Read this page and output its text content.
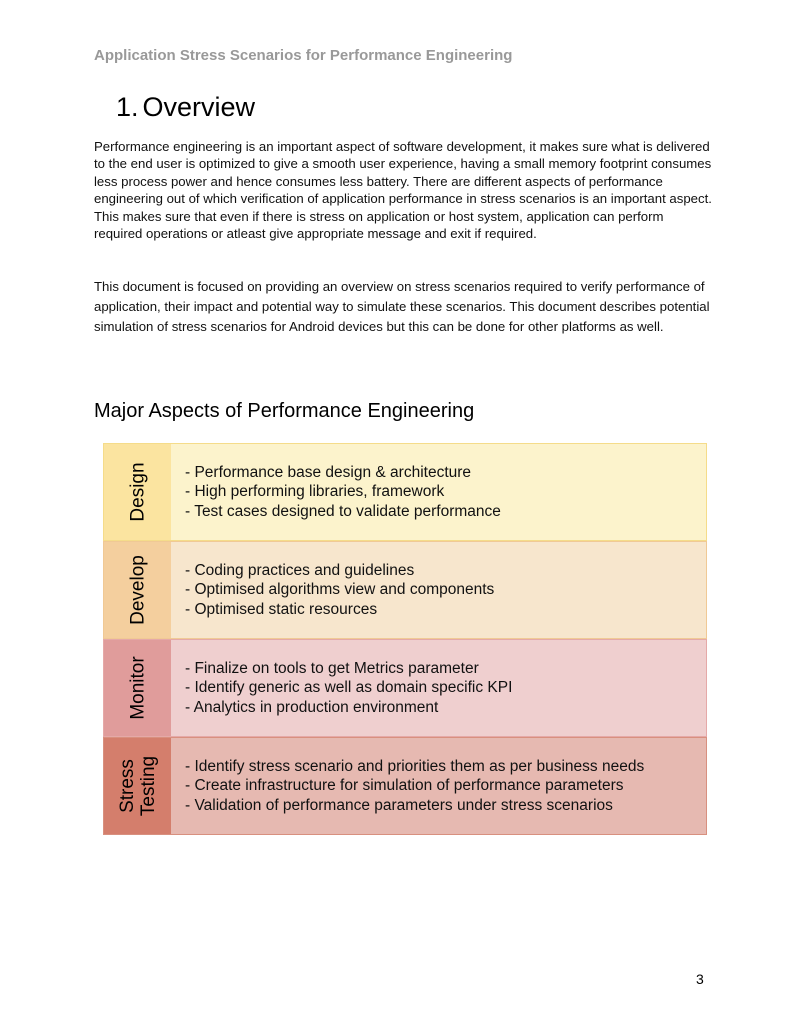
Application Stress Scenarios for Performance Engineering

1. Overview

Performance engineering is an important aspect of software development, it makes sure what is delivered to the end user is optimized to give a smooth user experience, having a small memory footprint consumes less process power and hence consumes less battery. There are different aspects of performance engineering out of which verification of application performance in stress scenarios is an important aspect. This makes sure that even if there is stress on application or host system, application can perform required operations or atleast give appropriate message and exit if required.

This document is focused on providing an overview on stress scenarios required to verify performance of application, their impact and potential way to simulate these scenarios. This document describes potential simulation of stress scenarios for Android devices but this can be done for other platforms as well.

Major Aspects of Performance Engineering
Design - Performance base design & architecture
- High performing libraries, framework
- Test cases designed to validate performance
Develop - Coding practices and guidelines
- Optimised algorithms view and components
- Optimised static resources
Monitor - Finalize on tools to get Metrics parameter
- Identify generic as well as domain specific KPI
- Analytics in production environment
Stress
Testing - Identify stress scenario and priorities them as per business needs
- Create infrastructure for simulation of performance parameters
- Validation of performance parameters under stress scenarios

3
